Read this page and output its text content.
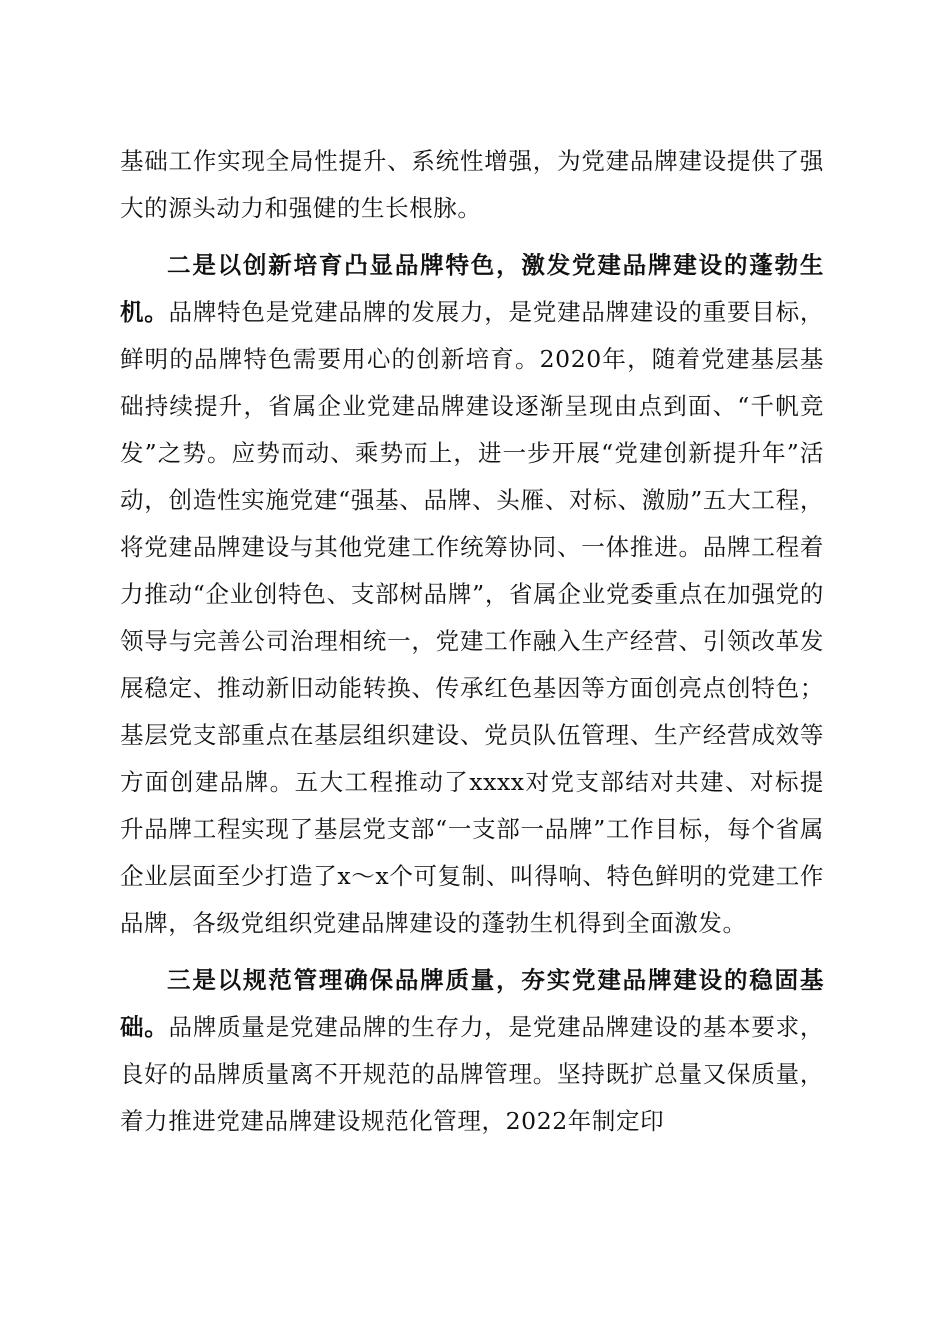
基础工作实现全局性提升、系统性增强，为党建品牌建设提供了强大的源头动力和强健的生长根脉。

二是以创新培育凸显品牌特色，激发党建品牌建设的蓬勃生机。品牌特色是党建品牌的发展力，是党建品牌建设的重要目标，鲜明的品牌特色需要用心的创新培育。2020年，随着党建基层基础持续提升，省属企业党建品牌建设逐渐呈现由点到面、“千帆竞发”之势。应势而动、乘势而上，进一步开展“党建创新提升年”活动，创造性实施党建“强基、品牌、头雁、对标、激励”五大工程，将党建品牌建设与其他党建工作统筹协同、一体推进。品牌工程着力推动“企业创特色、支部树品牌”，省属企业党委重点在加强党的领导与完善公司治理相统一，党建工作融入生产经营、引领改革发展稳定、推动新旧动能转换、传承红色基因等方面创亮点创特色；基层党支部重点在基层组织建设、党员队伍管理、生产经营成效等方面创建品牌。五大工程推动了xxxx对党支部结对共建、对标提升品牌工程实现了基层党支部“一支部一品牌”工作目标，每个省属企业层面至少打造了x～x个可复制、叫得响、特色鲜明的党建工作品牌，各级党组织党建品牌建设的蓬勃生机得到全面激发。

三是以规范管理确保品牌质量，夯实党建品牌建设的稳固基础。品牌质量是党建品牌的生存力，是党建品牌建设的基本要求，良好的品牌质量离不开规范的品牌管理。坚持既扩总量又保质量，着力推进党建品牌建设规范化管理，2022年制定印
